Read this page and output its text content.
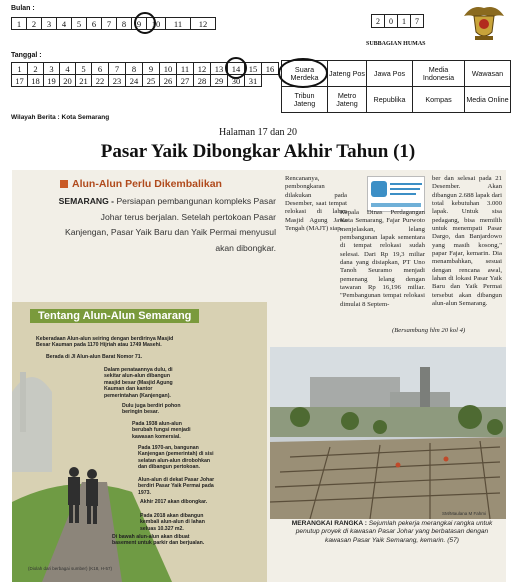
Bulan :
1	2	3	4	5	6	7	8	9	10	11	12	2	0	1	7
SUBBAGIAN HUMAS
Tanggal :
1	2	3	4	5	6	7	8	9	10	11	12	13	14	15	16
17	18	19	20	21	22	23	24	25	26	27	28	29	30	31	
Suara Merdeka	Jateng Pos	Jawa Pos	Media Indonesia	Wawasan
Tribun Jateng	Metro Jateng	Republika	Kompas	Media Online
Wilayah Berita : Kota Semarang
Halaman 17 dan 20
Pasar Yaik Dibongkar Akhir Tahun (1)
Alun-Alun Perlu Dikembalikan
SEMARANG - Persiapan pembangunan kompleks Pasar Johar terus berjalan. Setelah pertokoan Pasar Kanjengan, Pasar Yaik Baru dan Yaik Permai menyusul akan dibongkar.
Rencananya, pembongkaran dilakukan pada Desember, saat tempat relokasi di lahan Masjid Agung Jawa Tengah (MAJT) siap.
Kepala Dinas Perdagangan Kota Semarang, Fajar Purwoto menjelaskan, lelang pembangunan lapak sementara di tempat relokasi sudah selesai. Dari Rp 19,3 miliar dana yang disiapkan, PT Uno Tanoh Seuramo menjadi pemenang lelang dengan tawaran Rp 16,196 miliar. "Pembangunan tempat relokasi dimulai 8 Septem-
ber dan selesai pada 21 Desember. Akan dibangun 2.688 lapak dari total kebutuhan 3.000 lapak. Untuk sisa pedagang, bisa memilih untuk menempati Pasar Dargo, dan Banjardowo yang masih kosong," papar Fajar, kemarin. Dia menambahkan, sesuai dengan rencana awal, lahan di lokasi Pasar Yaik Baru dan Yaik Permai tersebut akan dibangun alun-alun Semarang.
(Bersambung hlm 20 kol 4)
Tentang Alun-Alun Semarang
Keberadaan Alun-alun seiring dengan berdirinya Masjid Besar Kauman pada 1170 Hijriah atau 1749 Masehi.
Berada di Jl Alun-alun Barat Nomor 71.
Dalam penataannya dulu, di sekitar alun-alun dibangun masjid besar (Masjid Agung Kauman dan kantor pemerintahan (Kanjengan).
Dulu juga berdiri pohon beringin besar.
Pada 1938 alun-alun berubah fungsi menjadi kawasan komersial.
Pada 1970-an, bangunan Kanjengan (pemerintah) di sisi selatan alun-alun dirobohkan dan dibangun pertokoan.
Alun-alun di dekat Pasar Johar berdiri Pasar Yaik Permai pada 1973.
Akhir 2017 akan dibongkar.
Pada 2018 akan dibangun kembali alun-alun di lahan seluas 10.327 m2.
Di bawah alun-alun akan dibuat basement untuk parkir dan berjualan.
(Diolah dari berbagai sumber) (K18, H-57)
SM/Maulana M Fahmi
MERANGKAI RANGKA : Sejumlah pekerja merangkai rangka untuk penutup proyek di kawasan Pasar Johar yang berbatasan dengan kawasan Pasar Yaik Semarang, kemarin. (57)
